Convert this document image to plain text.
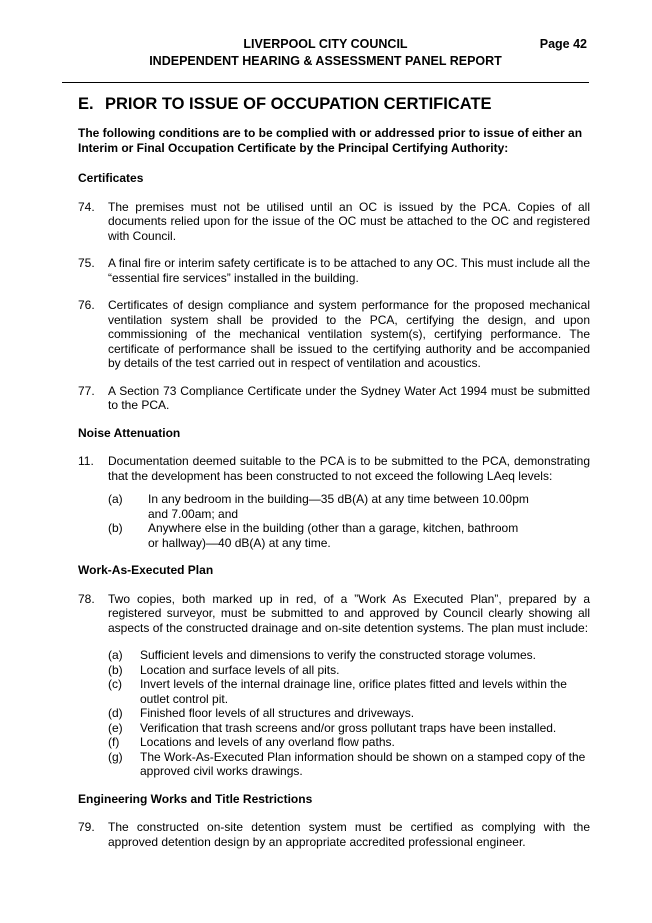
LIVERPOOL CITY COUNCIL	Page 42
INDEPENDENT HEARING & ASSESSMENT PANEL REPORT
E. PRIOR TO ISSUE OF OCCUPATION CERTIFICATE

The following conditions are to be complied with or addressed prior to issue of either an Interim or Final Occupation Certificate by the Principal Certifying Authority:

Certificates
74.	The premises must not be utilised until an OC is issued by the PCA. Copies of all documents relied upon for the issue of the OC must be attached to the OC and registered with Council.
75.	A final fire or interim safety certificate is to be attached to any OC. This must include all the “essential fire services” installed in the building.
76.	Certificates of design compliance and system performance for the proposed mechanical ventilation system shall be provided to the PCA, certifying the design, and upon commissioning of the mechanical ventilation system(s), certifying performance. The certificate of performance shall be issued to the certifying authority and be accompanied by details of the test carried out in respect of ventilation and acoustics.
77.	A Section 73 Compliance Certificate under the Sydney Water Act 1994 must be submitted to the PCA.
Noise Attenuation
11.	Documentation deemed suitable to the PCA is to be submitted to the PCA, demonstrating that the development has been constructed to not exceed the following LAeq levels:
(a)	In any bedroom in the building—35 dB(A) at any time between 10.00pm and 7.00am; and
(b)	Anywhere else in the building (other than a garage, kitchen, bathroom or hallway)—40 dB(A) at any time.
Work-As-Executed Plan
78.	Two copies, both marked up in red, of a ”Work As Executed Plan”, prepared by a registered surveyor, must be submitted to and approved by Council clearly showing all aspects of the constructed drainage and on-site detention systems. The plan must include:
(a)	Sufficient levels and dimensions to verify the constructed storage volumes.
(b)	Location and surface levels of all pits.
(c)	Invert levels of the internal drainage line, orifice plates fitted and levels within the outlet control pit.
(d)	Finished floor levels of all structures and driveways.
(e)	Verification that trash screens and/or gross pollutant traps have been installed.
(f)	Locations and levels of any overland flow paths.
(g)	The Work-As-Executed Plan information should be shown on a stamped copy of the approved civil works drawings.
Engineering Works and Title Restrictions
79.	The constructed on-site detention system must be certified as complying with the approved detention design by an appropriate accredited professional engineer.
